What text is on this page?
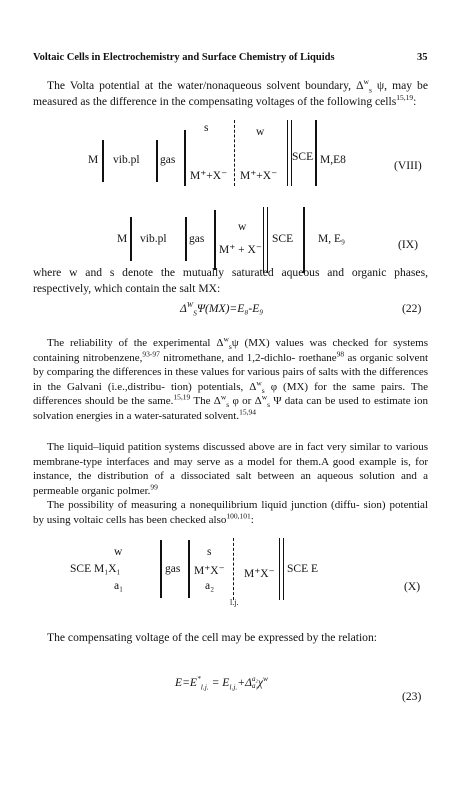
Voltaic Cells in Electrochemistry and Surface Chemistry of Liquids	35
The Volta potential at the water/nonaqueous solvent boundary, $\Delta^w_s$ ψ, may be measured as the difference in the compensating voltages of the following cells$^{15,19}$:
M vib.pl gas
s
M⁺+X⁻
w
M⁺+X⁻
SCE M,E8	(VIII)
M vib.pl gas
w
M⁺ + X⁻
SCE M, E₉	(IX)
where w and s denote the mutually saturated aqueous and organic phases, respectively, which contain the salt MX:
$\Delta^W_S\Psi(MX)=E_8-E_9$	(22)
The reliability of the experimental $\Delta^w_s\psi$ (MX) values was checked for systems containing nitrobenzene,$^{93-97}$ nitromethane, and 1,2-dichlo- roethane$^{98}$ as organic solvent by comparing the differences in these values for various pairs of salts with the differences in the Galvani (i.e.,distribu- tion) potentials, $\Delta^w_s$ φ (MX) for the same pairs. The differences should be the same.$^{15,19}$ The $\Delta^w_s$ φ or $\Delta^w_s$ Ψ data can be used to estimate ion solvation energies in a water-saturated solvent.$^{15,94}$
The liquid–liquid patition systems discussed above are in fact very similar to various membrane-type interfaces and may serve as a model for them.A good example is, for instance, the distribution of a dissociated salt between an aqueous solution and a permeable organic polmer.$^{99}$
The possibility of measuring a nonequilibrium liquid junction (diffu- sion) potential by using voltaic cells has been checked also$^{100,101}$:
w
SCE M₁X₁
a₁
gas
s
M⁺X⁻
a₂
l.j.
M⁺X⁻ SCE E
(X)
The compensating voltage of the cell may be expressed by the relation:
$E=E^*_{l.j.} = E_{l.j.}+\Delta a_2$
$a_1\chi^w$
(23)
